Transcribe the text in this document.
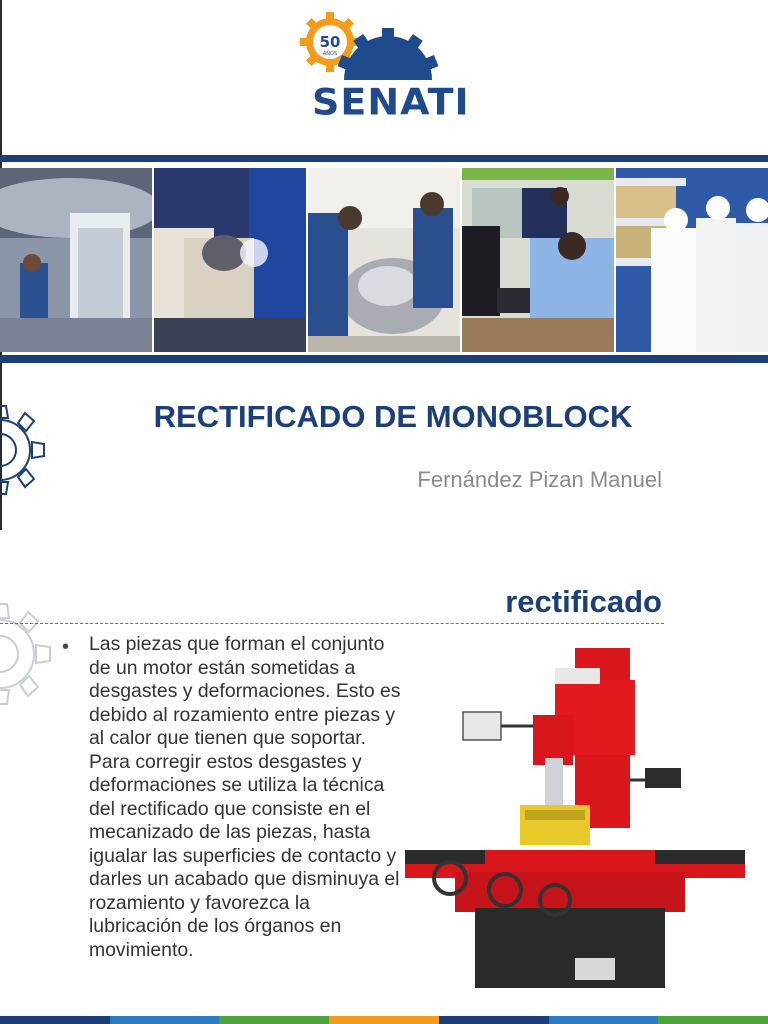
50
AÑOS
SENATI
RECTIFICADO DE MONOBLOCK
Fernández Pizan Manuel
rectificado
• Las piezas que forman el conjunto de un motor están sometidas a desgastes y deformaciones. Esto es debido al rozamiento entre piezas y al calor que tienen que soportar. Para corregir estos desgastes y deformaciones se utiliza la técnica del rectificado que consiste en el mecanizado de las piezas, hasta igualar las superficies de contacto y darles un acabado que disminuya el rozamiento y favorezca la lubricación de los órganos en movimiento.
